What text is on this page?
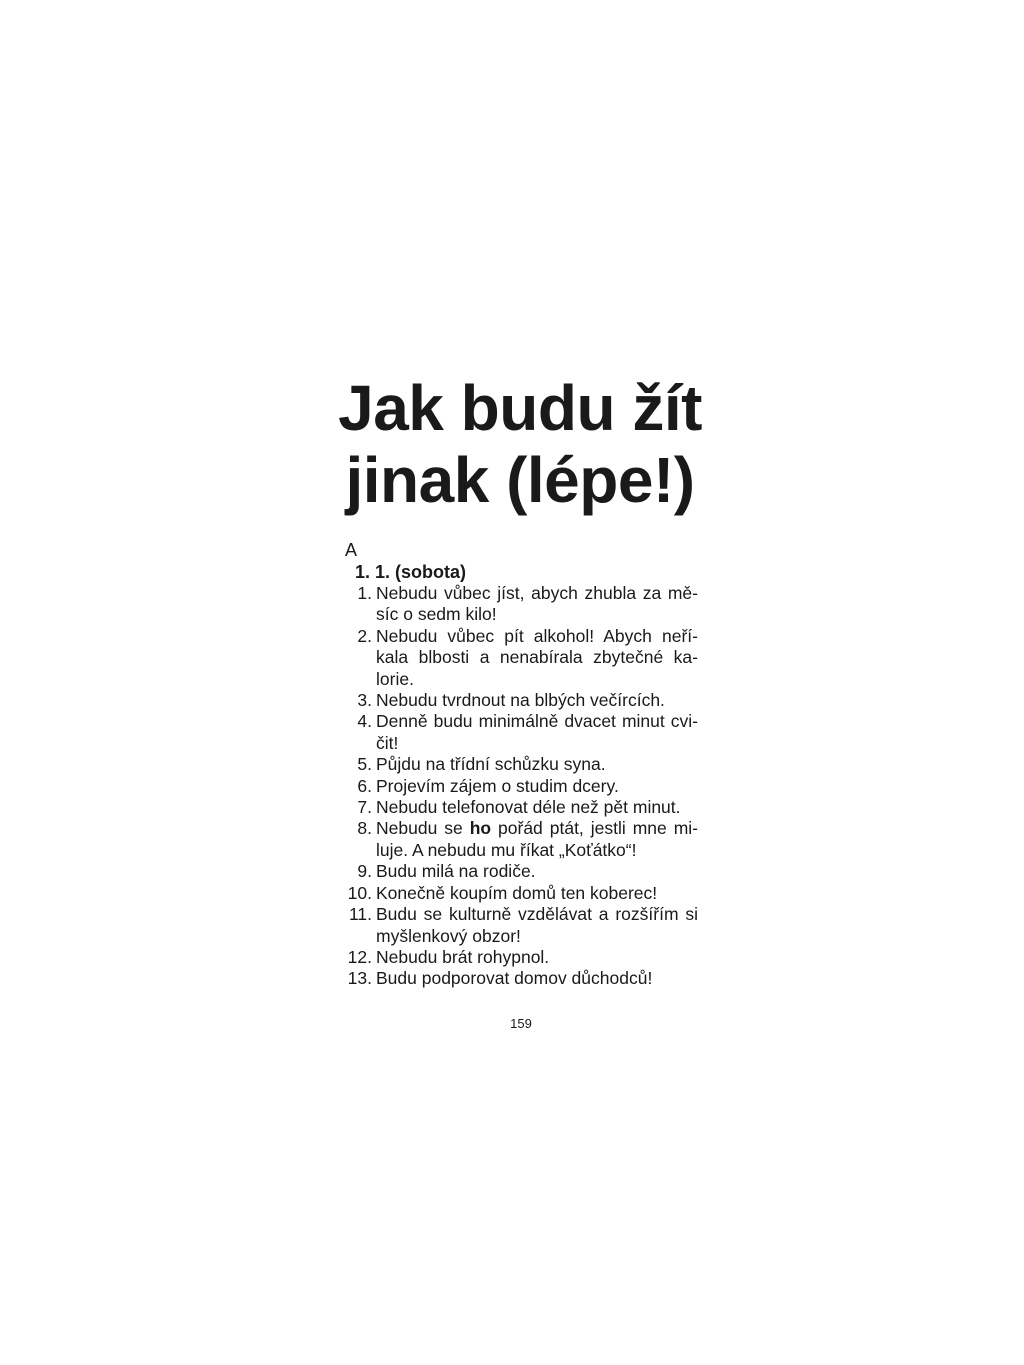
Jak budu žít
jinak (lépe!)
A
1. 1. (sobota)
1. Nebudu vůbec jíst, abych zhubla za mě-
síc o sedm kilo!
2. Nebudu vůbec pít alkohol! Abych neří-
kala blbosti a nenabírala zbytečné ka-
lorie.
3. Nebudu tvrdnout na blbých večírcích.
4. Denně budu minimálně dvacet minut cvi-
čit!
5. Půjdu na třídní schůzku syna.
6. Projevím zájem o studim dcery.
7. Nebudu telefonovat déle než pět minut.
8. Nebudu se ho pořád ptát, jestli mne mi-
luje. A nebudu mu říkat „Koťátko“!
9. Budu milá na rodiče.
10. Konečně koupím domů ten koberec!
11. Budu se kulturně vzdělávat a rozšířím si
myšlenkový obzor!
12. Nebudu brát rohypnol.
13. Budu podporovat domov důchodců!
159
